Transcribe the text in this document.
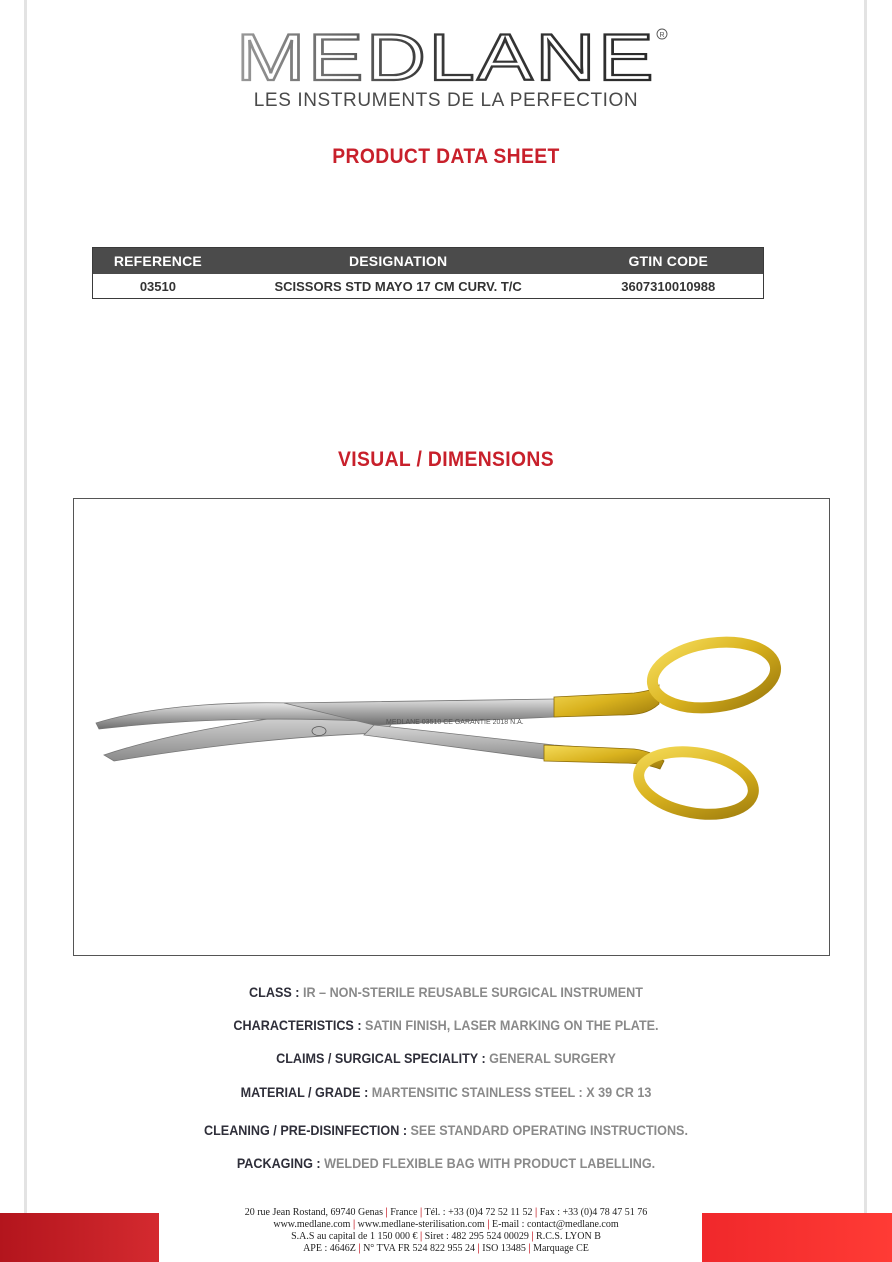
MEDLANE R
LES INSTRUMENTS DE LA PERFECTION
PRODUCT DATA SHEET
REFERENCE	DESIGNATION	GTIN CODE
03510	SCISSORS STD MAYO 17 CM CURV. T/C	3607310010988
VISUAL / DIMENSIONS
MEDLANE 03510 CE GARANTIE 2018 N.A.
CLASS : IR – NON-STERILE REUSABLE SURGICAL INSTRUMENT
CHARACTERISTICS : SATIN FINISH, LASER MARKING ON THE PLATE.
CLAIMS / SURGICAL SPECIALITY : GENERAL SURGERY
MATERIAL / GRADE : MARTENSITIC STAINLESS STEEL : X 39 CR 13
CLEANING / PRE-DISINFECTION : SEE STANDARD OPERATING INSTRUCTIONS.
PACKAGING : WELDED FLEXIBLE BAG WITH PRODUCT LABELLING.
20 rue Jean Rostand, 69740 Genas | France | Tél. : +33 (0)4 72 52 11 52 | Fax : +33 (0)4 78 47 51 76
www.medlane.com | www.medlane-sterilisation.com | E-mail : contact@medlane.com
S.A.S au capital de 1 150 000 € | Siret : 482 295 524 00029 | R.C.S. LYON B
APE : 4646Z | N° TVA FR 524 822 955 24 | ISO 13485 | Marquage CE
